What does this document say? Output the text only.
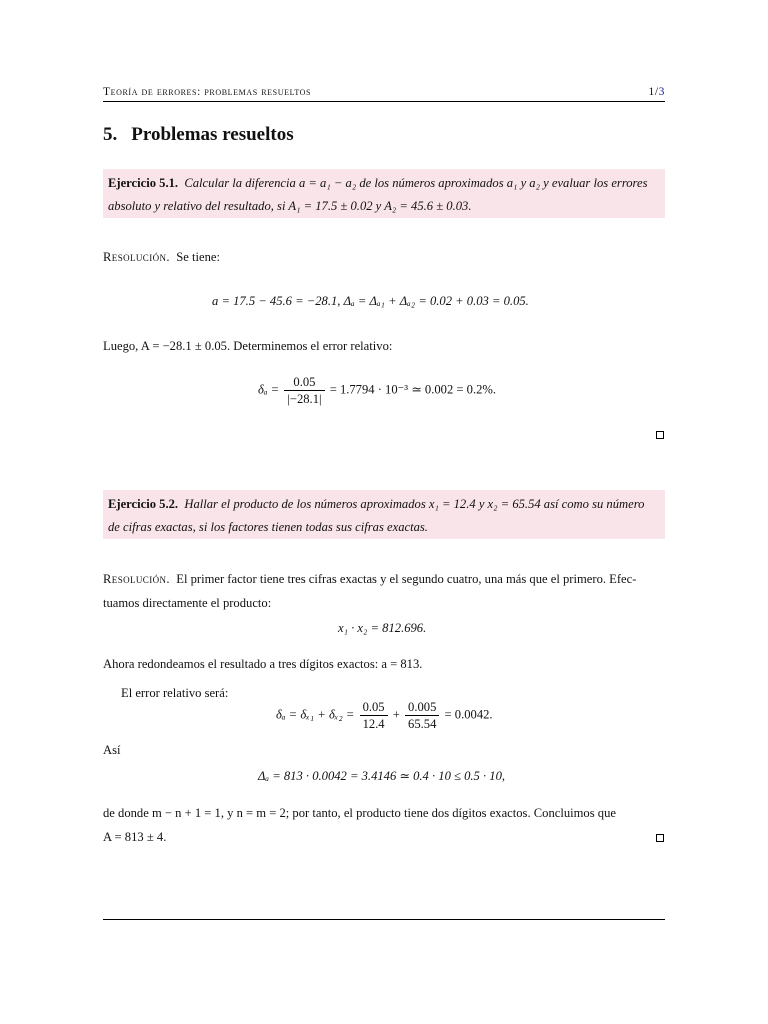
Teoría de errores: problemas resueltos	1/3
5. Problemas resueltos
Ejercicio 5.1. Calcular la diferencia a = a₁ − a₂ de los números aproximados a₁ y a₂ y evaluar los errores
absoluto y relativo del resultado, si A₁ = 17.5 ± 0.02 y A₂ = 45.6 ± 0.03.
Resolución. Se tiene:
a = 17.5 − 45.6 = −28.1, Δₐ = Δₐ₁ + Δₐ₂ = 0.02 + 0.03 = 0.05.
Luego, A = −28.1 ± 0.05. Determinemos el error relativo:
$\delta_a = \frac{0.05}{|-28.1|} = 1.7794 \cdot 10^{-3}$ ≃ 0.002 = 0.2%.
Ejercicio 5.2. Hallar el producto de los números aproximados x₁ = 12.4 y x₂ = 65.54 así como su número
de cifras exactas, si los factores tienen todas sus cifras exactas.
Resolución. El primer factor tiene tres cifras exactas y el segundo cuatro, una más que el primero. Efec-
tuamos directamente el producto:
x₁ · x₂ = 812.696.
Ahora redondeamos el resultado a tres dígitos exactos: a = 813.
El error relativo será:
$\delta_a = \delta_{x1} + \delta_{x2} = \frac{0.05}{12.4} + \frac{0.005}{65.54} = 0.0042$.
Así
Δₐ = 813 · 0.0042 = 3.4146 ≃ 0.4 · 10 ≤ 0.5 · 10,
de donde m − n + 1 = 1, y n = m = 2; por tanto, el producto tiene dos dígitos exactos. Concluimos que
A = 813 ± 4.
